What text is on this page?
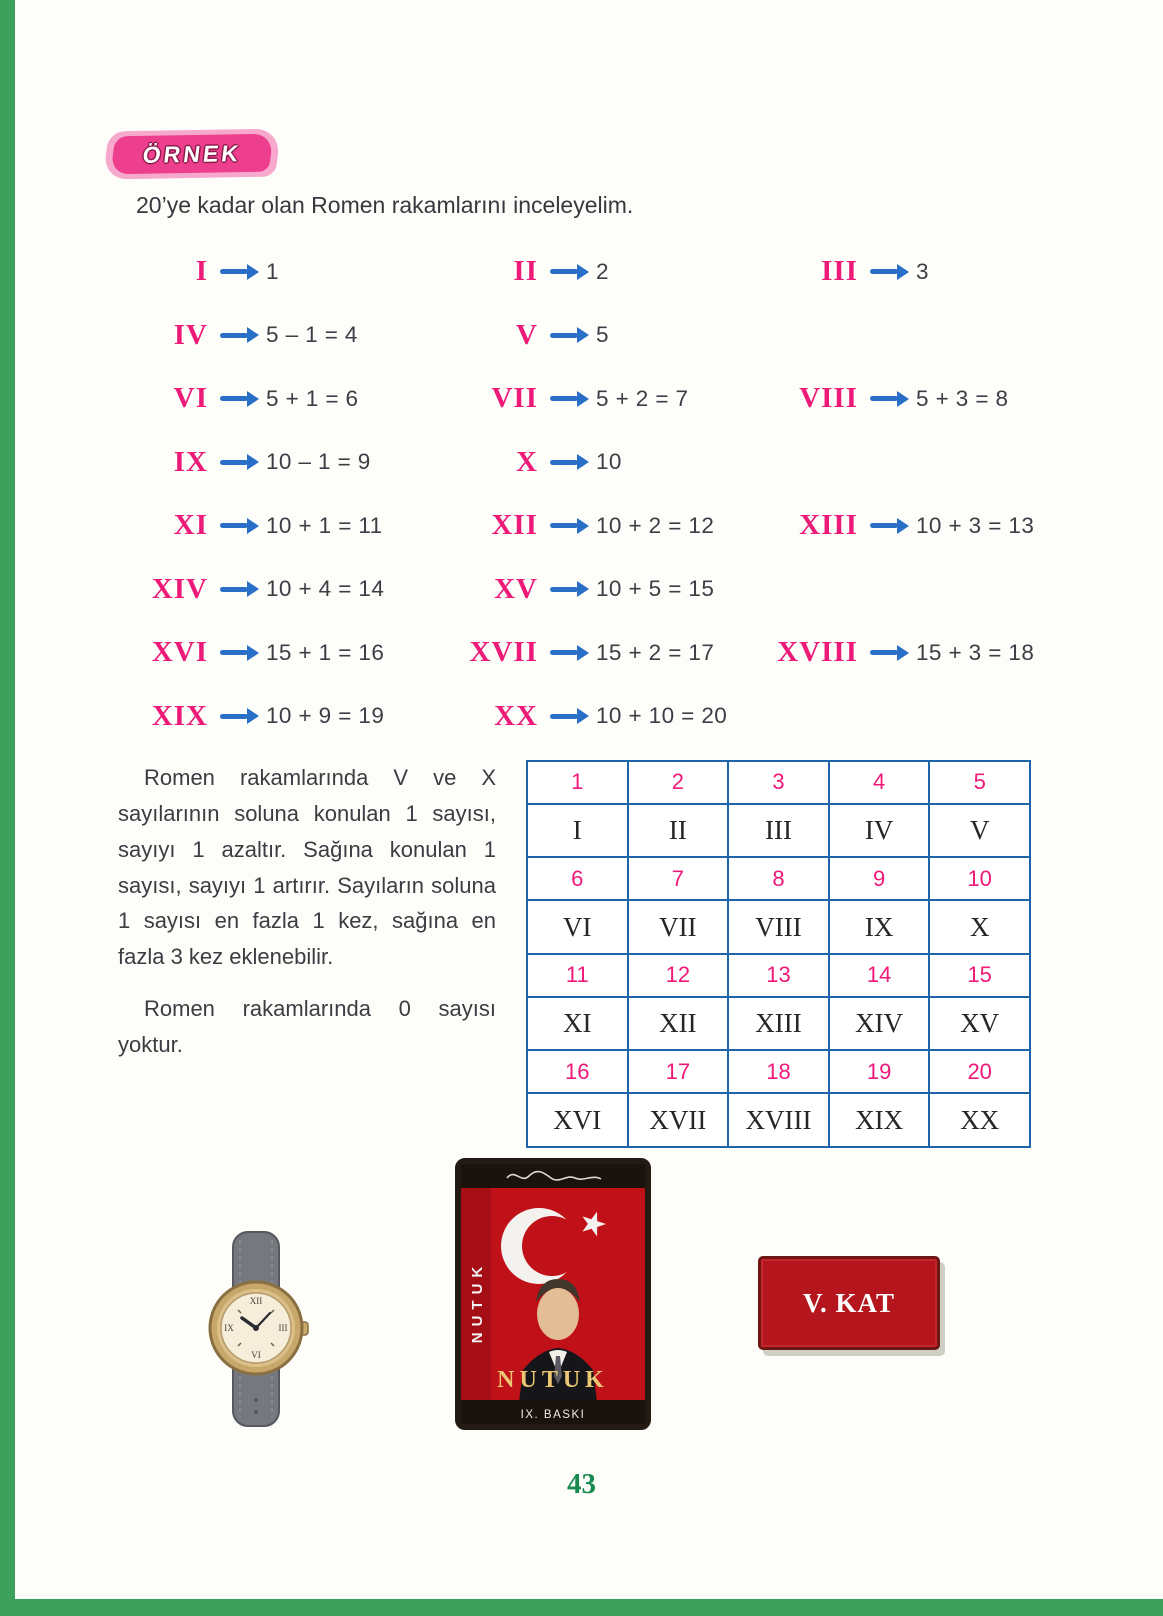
ÖRNEK
20’ye kadar olan Romen rakamlarını inceleyelim.
I	1	II	2	III	3
IV	5 – 1 = 4	V	5
VI	5 + 1 = 6	VII	5 + 2 = 7	VIII	5 + 3 = 8
IX	10 – 1 = 9	X	10
XI	10 + 1 = 11	XII	10 + 2 = 12	XIII	10 + 3 = 13
XIV	10 + 4 = 14	XV	10 + 5 = 15
XVI	15 + 1 = 16	XVII	15 + 2 = 17	XVIII	15 + 3 = 18
XIX	10 + 9 = 19	XX	10 + 10 = 20

Romen rakamlarında V ve X sayılarının soluna konulan 1 sayısı, sayıyı 1 azaltır. Sağına konulan 1 sayısı, sayıyı 1 artırır. Sayıların soluna 1 sayısı en fazla 1 kez, sağına en fazla 3 kez eklenebilir.

Romen rakamlarında 0 sayısı yoktur.

1	2	3	4	5
I	II	III	IV	V
6	7	8	9	10
VI	VII	VIII	IX	X
11	12	13	14	15
XI	XII	XIII	XIV	XV
16	17	18	19	20
XVI	XVII	XVIII	XIX	XX
XII
III
VI
IX	NUTUK
NUTUK
IX. BASKI
V. KAT
43
